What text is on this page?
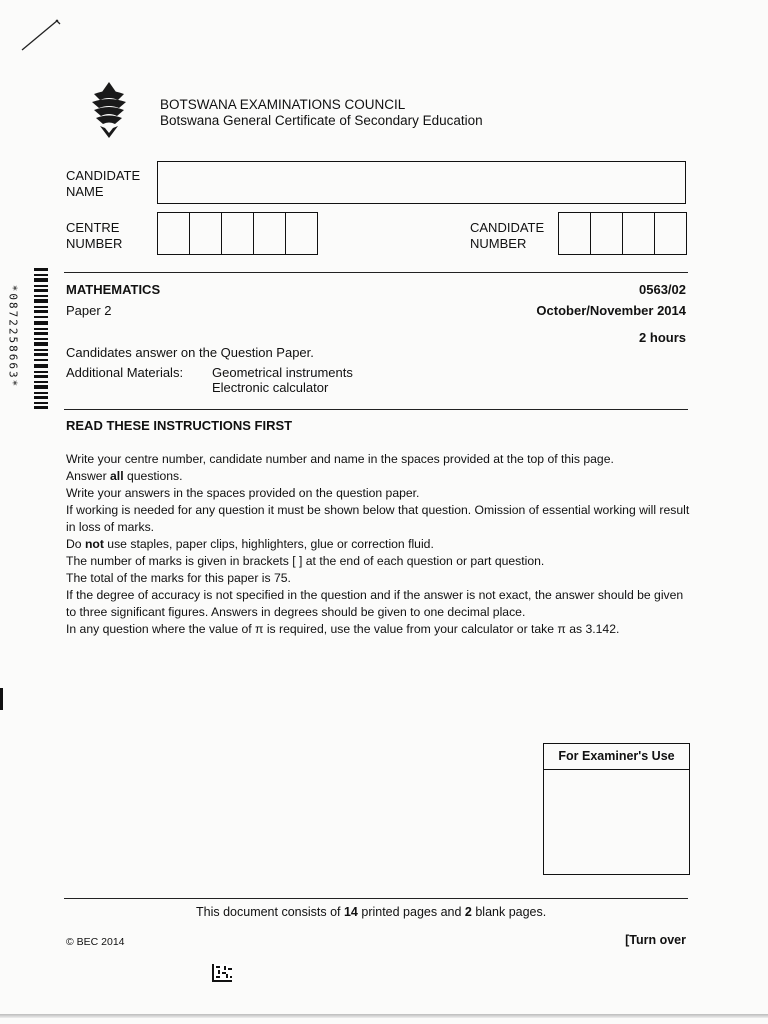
BOTSWANA EXAMINATIONS COUNCIL
Botswana General Certificate of Secondary Education
CANDIDATE
NAME
CENTRE
NUMBER
CANDIDATE
NUMBER
*0872258663*	MATHEMATICS	0563/02
Paper 2	October/November 2014
2 hours
Candidates answer on the Question Paper.
Additional Materials: Geometrical instruments
Electronic calculator
READ THESE INSTRUCTIONS FIRST

Write your centre number, candidate number and name in the spaces provided at the top of this page.

Answer all questions.

Write your answers in the spaces provided on the question paper.

If working is needed for any question it must be shown below that question. Omission of essential working will result in loss of marks.

Do not use staples, paper clips, highlighters, glue or correction fluid.

The number of marks is given in brackets [ ] at the end of each question or part question.

The total of the marks for this paper is 75.

If the degree of accuracy is not specified in the question and if the answer is not exact, the answer should be given to three significant figures. Answers in degrees should be given to one decimal place.

In any question where the value of π is required, use the value from your calculator or take π as 3.142.

For Examiner's Use
This document consists of 14 printed pages and 2 blank pages.
© BEC 2014	[Turn over
